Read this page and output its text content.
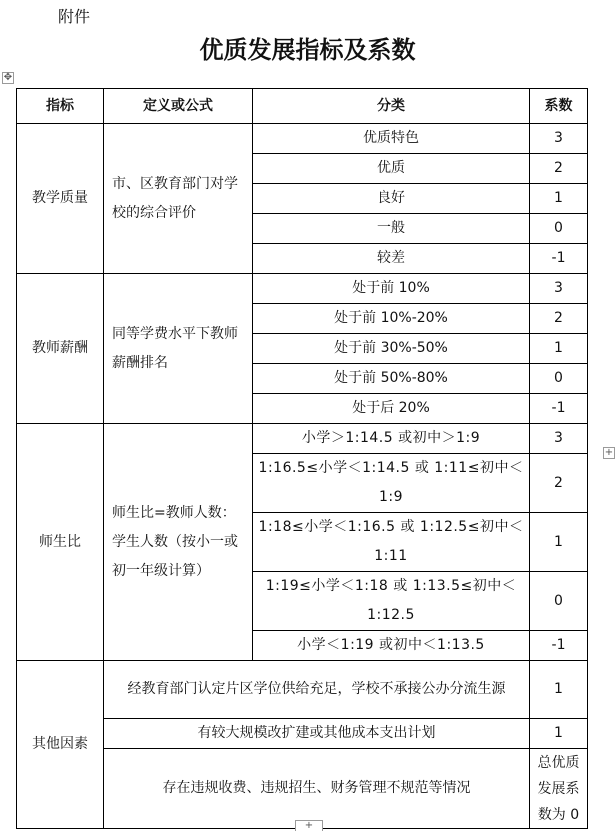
附件
优质发展指标及系数
✥
+
指标	定义或公式	分类	系数
教学质量	市、区教育部门对学校的综合评价	优质特色	3
		优质	2
		良好	1
		一般	0
		较差	-1
教师薪酬	同等学费水平下教师薪酬排名	处于前 10%	3
		处于前 10%-20%	2
		处于前 30%-50%	1
		处于前 50%-80%	0
		处于后 20%	-1
师生比	师生比=教师人数：学生人数（按小一或初一年级计算）	小学＞1:14.5 或初中＞1:9	3
		1:16.5≤小学＜1:14.5 或 1:11≤初中＜1:9	2
		1:18≤小学＜1:16.5 或 1:12.5≤初中＜1:11	1
		1:19≤小学＜1:18 或 1:13.5≤初中＜1:12.5	0
		小学＜1:19 或初中＜1:13.5	-1
其他因素	经教育部门认定片区学位供给充足，学校不承接公办分流生源		1
	有较大规模改扩建或其他成本支出计划		1
	存在违规收费、违规招生、财务管理不规范等情况		总优质发展系数为 0
+
